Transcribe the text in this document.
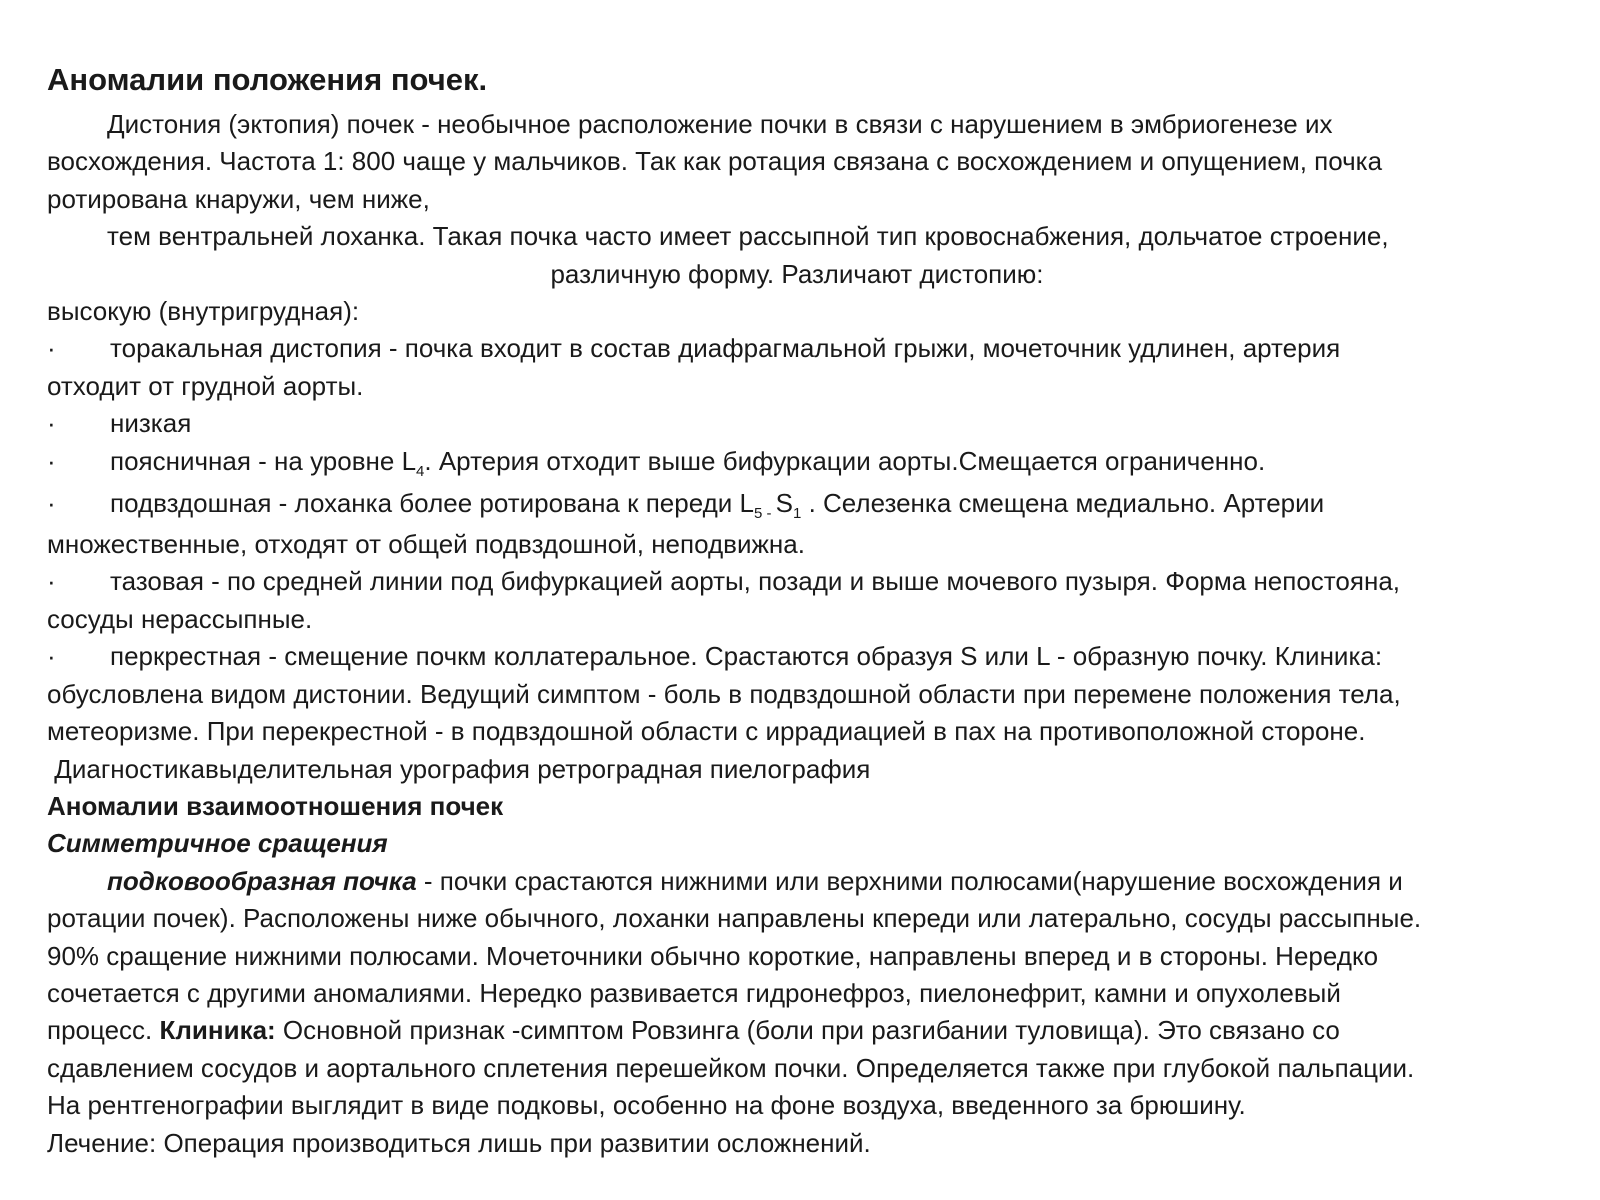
Аномалии положения почек.

Дистония (эктопия) почек - необычное расположение почки в связи с нарушением в эмбриогенезе их

восхождения. Частота 1: 800 чаще у мальчиков. Так как ротация связана с восхождением и опущением, почка

ротирована кнаружи, чем ниже,

тем вентральней лоханка. Такая почка часто имеет рассыпной тип кровоснабжения, дольчатое строение,

различную форму. Различают дистопию:

высокую (внутригрудная):

· торакальная дистопия - почка входит в состав диафрагмальной грыжи, мочеточник удлинен, артерия

отходит от грудной аорты.

· низкая

· поясничная - на уровне $L_4$. Артерия отходит выше бифуркации аорты.Смещается ограниченно.

· подвздошная - лоханка более ротирована к переди $L_{5 -}$ $S_1$ . Селезенка смещена медиально. Артерии

множественные, отходят от общей подвздошной, неподвижна.

· тазовая - по средней линии под бифуркацией аорты, позади и выше мочевого пузыря. Форма непостояна,

сосуды нерассыпные.

· перкрестная - смещение почкм коллатеральное. Срастаются образуя S или L - образную почку. Клиника:

обусловлена видом дистонии. Ведущий симптом - боль в подвздошной области при перемене положения тела,

метеоризме. При перекрестной - в подвздошной области с иррадиацией в пах на противоположной стороне.

Диагностикавыделительная урография ретроградная пиелография

Аномалии взаимоотношения почек

Симметричное сращения

подковообразная почка - почки срастаются нижними или верхними полюсами(нарушение восхождения и

ротации почек). Расположены ниже обычного, лоханки направлены кпереди или латерально, сосуды рассыпные.

90% сращение нижними полюсами. Мочеточники обычно короткие, направлены вперед и в стороны. Нередко

сочетается с другими аномалиями. Нередко развивается гидронефроз, пиелонефрит, камни и опухолевый

процесс. Клиника: Основной признак -симптом Ровзинга (боли при разгибании туловища). Это связано со

сдавлением сосудов и аортального сплетения перешейком почки. Определяется также при глубокой пальпации.

На рентгенографии выглядит в виде подковы, особенно на фоне воздуха, введенного за брюшину.

Лечение: Операция производиться лишь при развитии осложнений.
